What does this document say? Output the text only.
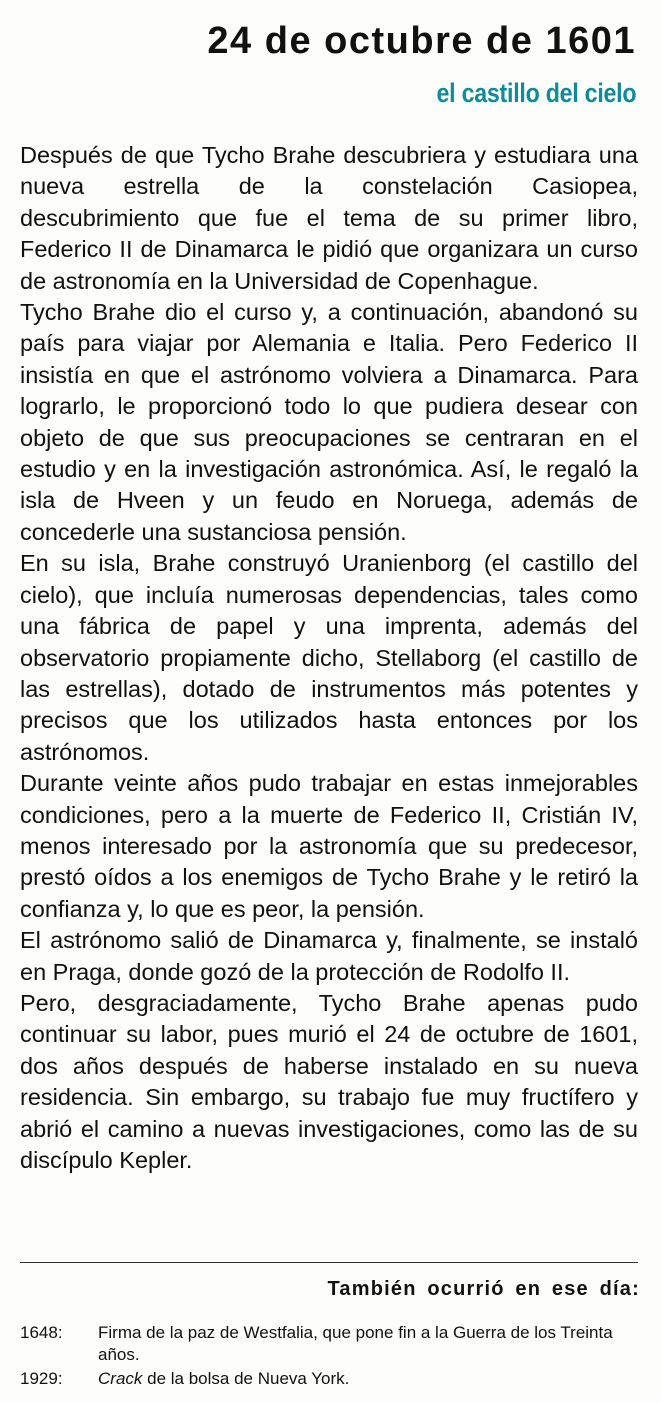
24 de octubre de 1601
el castillo del cielo

Después de que Tycho Brahe descubriera y estudiara una nueva estrella de la constelación Casiopea, descubrimiento que fue el tema de su primer libro, Federico II de Dinamarca le pidió que organizara un curso de astronomía en la Universidad de Copenhague.

Tycho Brahe dio el curso y, a continuación, abandonó su país para viajar por Alemania e Italia. Pero Federico II insistía en que el astrónomo volviera a Dinamarca. Para lograrlo, le proporcionó todo lo que pudiera desear con objeto de que sus preocupaciones se centraran en el estudio y en la investigación astronómica. Así, le regaló la isla de Hveen y un feudo en Noruega, además de concederle una sustanciosa pensión.

En su isla, Brahe construyó Uranienborg (el castillo del cielo), que incluía numerosas dependencias, tales como una fábrica de papel y una imprenta, además del observatorio propiamente dicho, Stellaborg (el castillo de las estrellas), dotado de instrumentos más potentes y precisos que los utilizados hasta entonces por los astrónomos.

Durante veinte años pudo trabajar en estas inmejorables condiciones, pero a la muerte de Federico II, Cristián IV, menos interesado por la astronomía que su predecesor, prestó oídos a los enemigos de Tycho Brahe y le retiró la confianza y, lo que es peor, la pensión.

El astrónomo salió de Dinamarca y, finalmente, se instaló en Praga, donde gozó de la protección de Rodolfo II.

Pero, desgraciadamente, Tycho Brahe apenas pudo continuar su labor, pues murió el 24 de octubre de 1601, dos años después de haberse instalado en su nueva residencia. Sin embargo, su trabajo fue muy fructífero y abrió el camino a nuevas investigaciones, como las de su discípulo Kepler.

También ocurrió en ese día:
1648:	Firma de la paz de Westfalia, que pone fin a la Guerra de los Treinta años.
1929:	Crack de la bolsa de Nueva York.
